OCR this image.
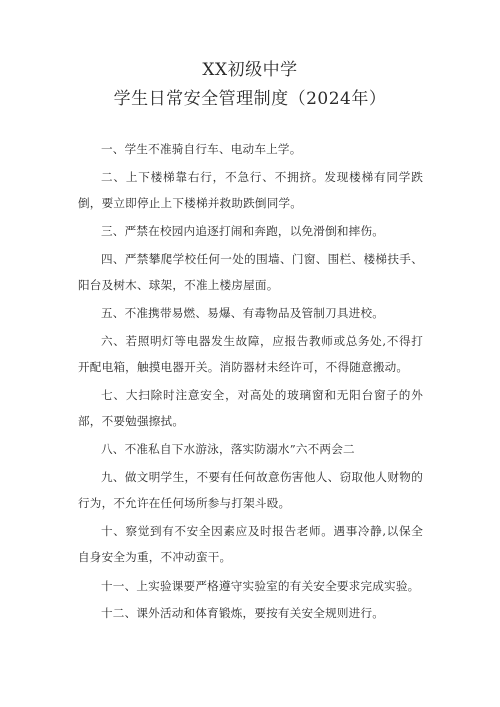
XX初级中学
学生日常安全管理制度（2024年）

一、学生不准骑自行车、电动车上学。

二、上下楼梯靠右行，不急行、不拥挤。发现楼梯有同学跌倒，要立即停止上下楼梯并救助跌倒同学。

三、严禁在校园内追逐打闹和奔跑，以免滑倒和摔伤。

四、严禁攀爬学校任何一处的围墙、门窗、围栏、楼梯扶手、阳台及树木、球架，不准上楼房屋面。

五、不准携带易燃、易爆、有毒物品及管制刀具进校。

六、若照明灯等电器发生故障，应报告教师或总务处,不得打开配电箱，触摸电器开关。消防器材未经许可，不得随意搬动。

七、大扫除时注意安全，对高处的玻璃窗和无阳台窗子的外部，不要勉强擦拭。

八、不准私自下水游泳，落实防溺水”六不两会二

九、做文明学生，不要有任何故意伤害他人、窃取他人财物的行为，不允许在任何场所参与打架斗殴。

十、察觉到有不安全因素应及时报告老师。遇事冷静,以保全自身安全为重，不冲动蛮干。

十一、上实验课要严格遵守实验室的有关安全要求完成实验。

十二、课外活动和体育锻炼，要按有关安全规则进行。
